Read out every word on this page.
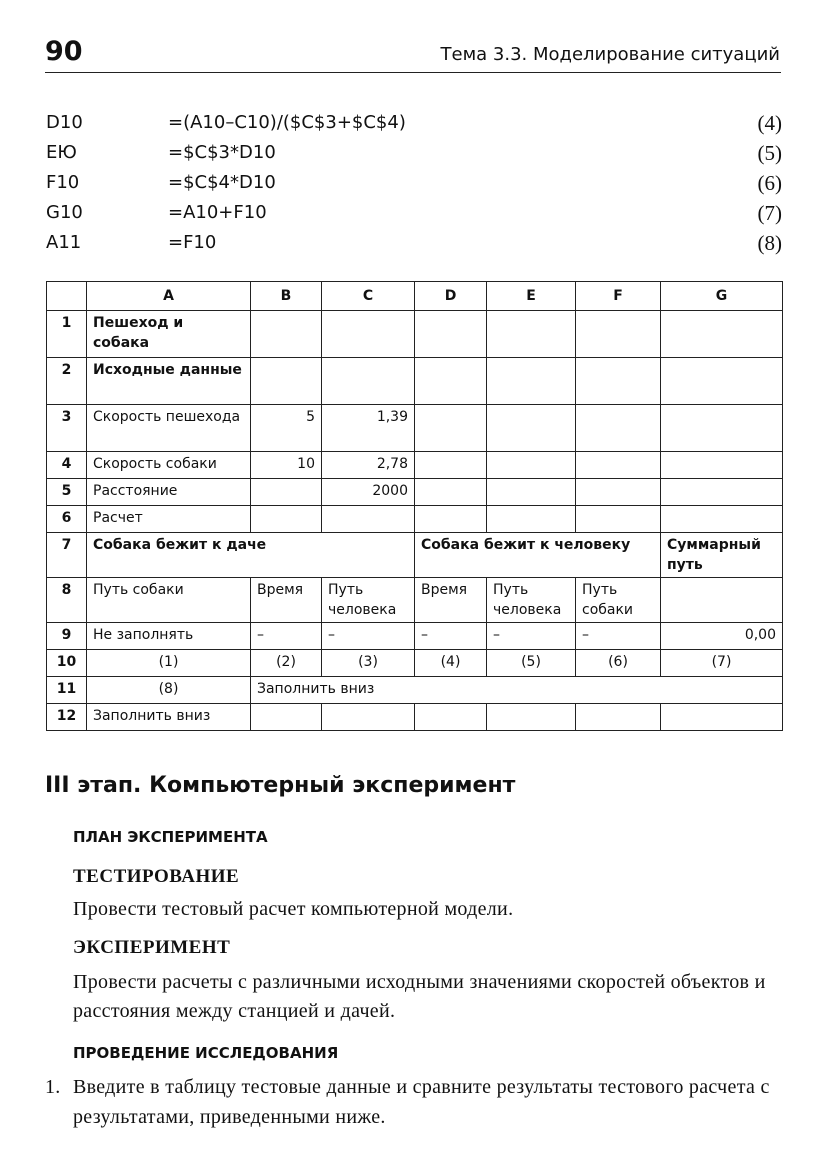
90	Тема 3.3. Моделирование ситуаций
D10	=(A10–C10)/($C$3+$C$4)	(4)
EЮ	=$C$3*D10	(5)
F10	=$C$4*D10	(6)
G10	=A10+F10	(7)
A11	=F10	(8)
	A	B	C	D	E	F	G
1	Пешеход и собака						
2	Исходные данные						
3	Скорость пешехода	5	1,39				
4	Скорость собаки	10	2,78				
5	Расстояние		2000				
6	Расчет						
7	Собака бежит к даче			Собака бежит к человеку			Суммарный путь
8	Путь собаки	Время	Путь человека	Время	Путь человека	Путь собаки	
9	Не заполнять	–	–	–	–	–	0,00
10	(1)	(2)	(3)	(4)	(5)	(6)	(7)
11	(8)	Заполнить вниз					
12	Заполнить вниз						
III этап. Компьютерный эксперимент
ПЛАН ЭКСПЕРИМЕНТА
ТЕСТИРОВАНИЕ
Провести тестовый расчет компьютерной модели.
ЭКСПЕРИМЕНТ
Провести расчеты с различными исходными значениями скоростей объектов и расстояния между станцией и дачей.
ПРОВЕДЕНИЕ ИССЛЕДОВАНИЯ
1. Введите в таблицу тестовые данные и сравните результаты тестового расчета с результатами, приведенными ниже.
